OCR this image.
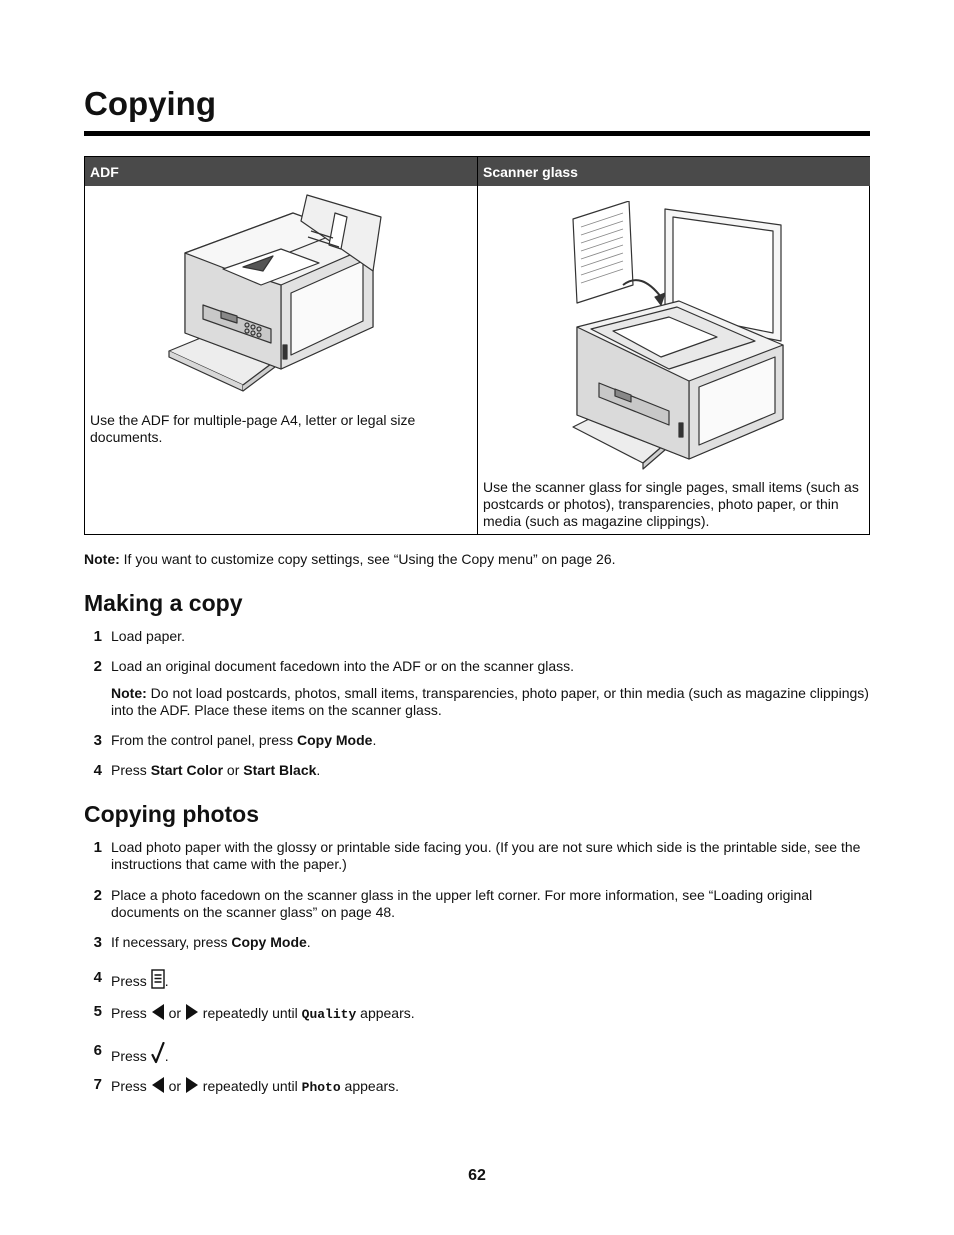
Copying
ADF	Scanner glass
Use the ADF for multiple-page A4, letter or legal size documents.
Use the scanner glass for single pages, small items (such as postcards or photos), transparencies, photo paper, or thin media (such as magazine clippings).
Note: If you want to customize copy settings, see “Using the Copy menu” on page 26.
Making a copy
1 Load paper.
2 Load an original document facedown into the ADF or on the scanner glass.
Note: Do not load postcards, photos, small items, transparencies, photo paper, or thin media (such as magazine clippings) into the ADF. Place these items on the scanner glass.
3 From the control panel, press Copy Mode.
4 Press Start Color or Start Black.
Copying photos
1 Load photo paper with the glossy or printable side facing you. (If you are not sure which side is the printable side, see the instructions that came with the paper.)
2 Place a photo facedown on the scanner glass in the upper left corner. For more information, see “Loading original documents on the scanner glass” on page 48.
3 If necessary, press Copy Mode.
4 Press .
5 Press  or  repeatedly until Quality appears.
6 Press .
7 Press  or  repeatedly until Photo appears.
62
